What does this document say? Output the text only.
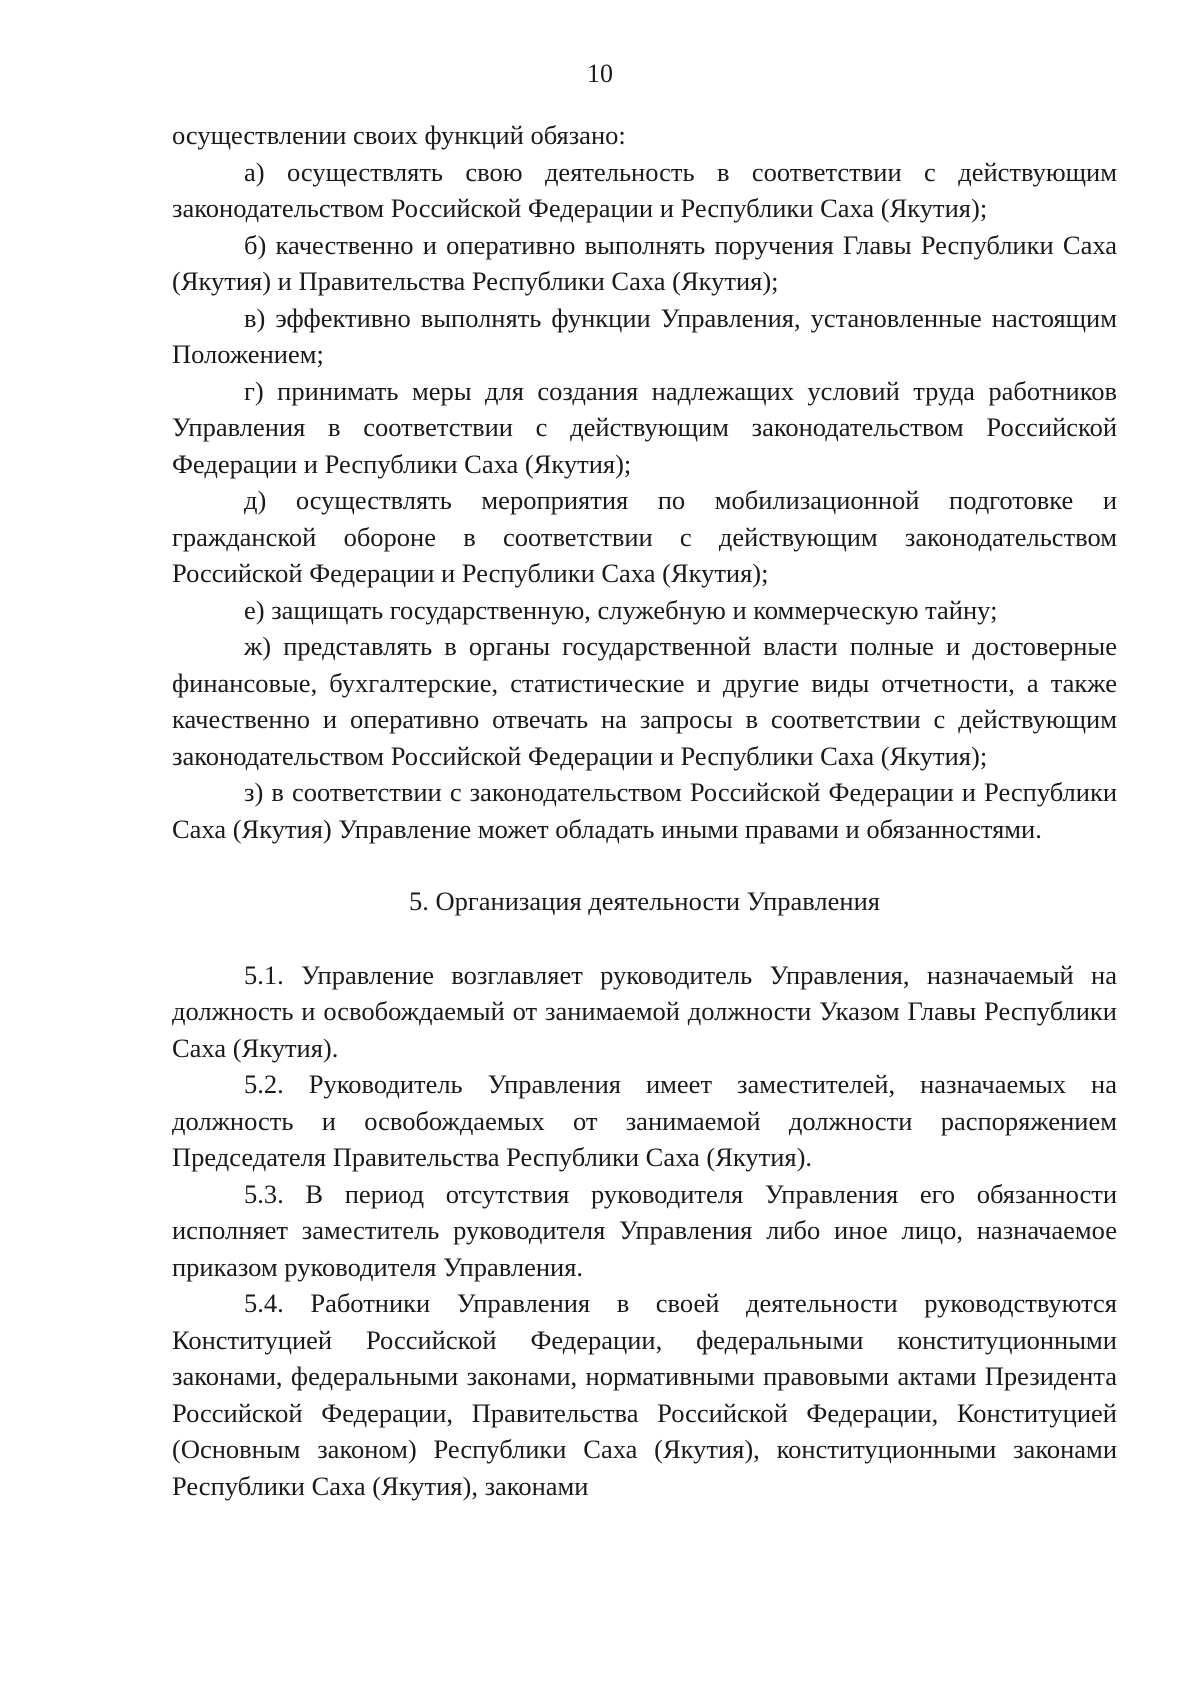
10

осуществлении своих функций обязано:

а) осуществлять свою деятельность в соответствии с действующим законодательством Российской Федерации и Республики Саха (Якутия);

б) качественно и оперативно выполнять поручения Главы Республики Саха (Якутия) и Правительства Республики Саха (Якутия);

в) эффективно выполнять функции Управления, установленные настоящим Положением;

г) принимать меры для создания надлежащих условий труда работников Управления в соответствии с действующим законодательством Российской Федерации и Республики Саха (Якутия);

д) осуществлять мероприятия по мобилизационной подготовке и гражданской обороне в соответствии с действующим законодательством Российской Федерации и Республики Саха (Якутия);

е) защищать государственную, служебную и коммерческую тайну;

ж) представлять в органы государственной власти полные и достоверные финансовые, бухгалтерские, статистические и другие виды отчетности, а также качественно и оперативно отвечать на запросы в соответствии с действующим законодательством Российской Федерации и Республики Саха (Якутия);

з) в соответствии с законодательством Российской Федерации и Республики Саха (Якутия) Управление может обладать иными правами и обязанностями.

5. Организация деятельности Управления

5.1. Управление возглавляет руководитель Управления, назначаемый на должность и освобождаемый от занимаемой должности Указом Главы Республики Саха (Якутия).

5.2. Руководитель Управления имеет заместителей, назначаемых на должность и освобождаемых от занимаемой должности распоряжением Председателя Правительства Республики Саха (Якутия).

5.3. В период отсутствия руководителя Управления его обязанности исполняет заместитель руководителя Управления либо иное лицо, назначаемое приказом руководителя Управления.

5.4. Работники Управления в своей деятельности руководствуются Конституцией Российской Федерации, федеральными конституционными законами, федеральными законами, нормативными правовыми актами Президента Российской Федерации, Правительства Российской Федерации, Конституцией (Основным законом) Республики Саха (Якутия), конституционными законами Республики Саха (Якутия), законами
